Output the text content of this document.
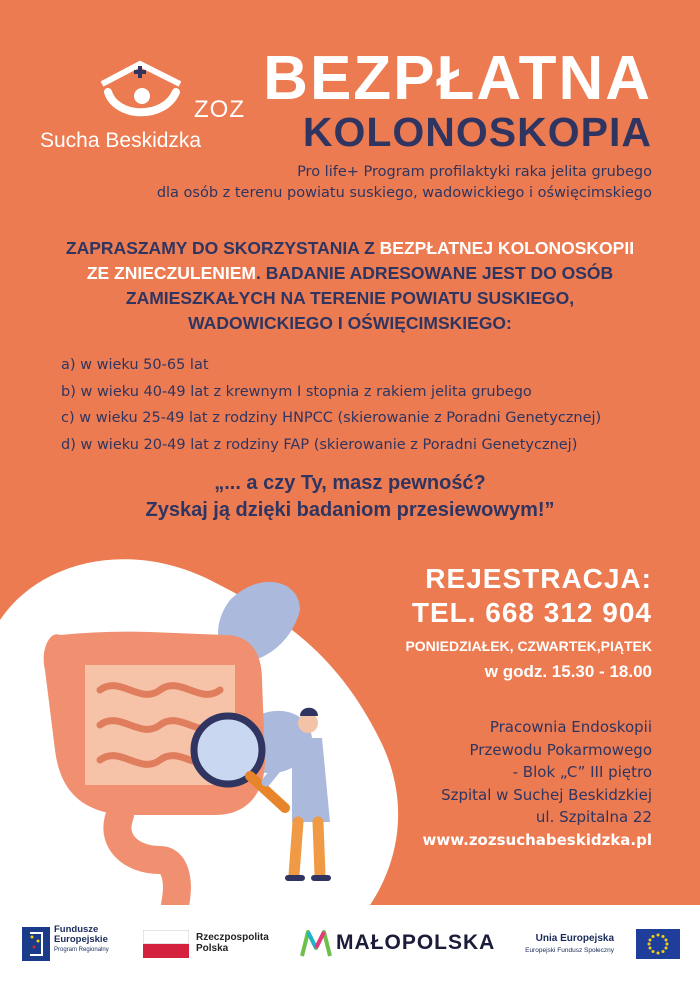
ZOZ
Sucha Beskidzka
BEZPŁATNA
KOLONOSKOPIA
Pro life+ Program profilaktyki raka jelita grubego
dla osób z terenu powiatu suskiego, wadowickiego i oświęcimskiego
ZAPRASZAMY DO SKORZYSTANIA Z BEZPŁATNEJ KOLONOSKOPII
ZE ZNIECZULENIEM. BADANIE ADRESOWANE JEST DO OSÓB
ZAMIESZKAŁYCH NA TERENIE POWIATU SUSKIEGO,
WADOWICKIEGO I OŚWIĘCIMSKIEGO:
a) w wieku 50-65 lat
b) w wieku 40-49 lat z krewnym I stopnia z rakiem jelita grubego
c) w wieku 25-49 lat z rodziny HNPCC (skierowanie z Poradni Genetycznej)
d) w wieku 20-49 lat z rodziny FAP (skierowanie z Poradni Genetycznej)
„... a czy Ty, masz pewność?
Zyskaj ją dzięki badaniom przesiewowym!”
REJESTRACJA:
TEL. 668 312 904
PONIEDZIAŁEK, CZWARTEK,PIĄTEK
w godz. 15.30 - 18.00
Pracownia Endoskopii
Przewodu Pokarmowego
- Blok „C” III piętro
Szpital w Suchej Beskidzkiej
ul. Szpitalna 22
www.zozsuchabeskidzka.pl
Fundusze
Europejskie
Program Regionalny
Rzeczpospolita
Polska	MAŁOPOLSKA	Unia Europejska
Europejski Fundusz Społeczny
